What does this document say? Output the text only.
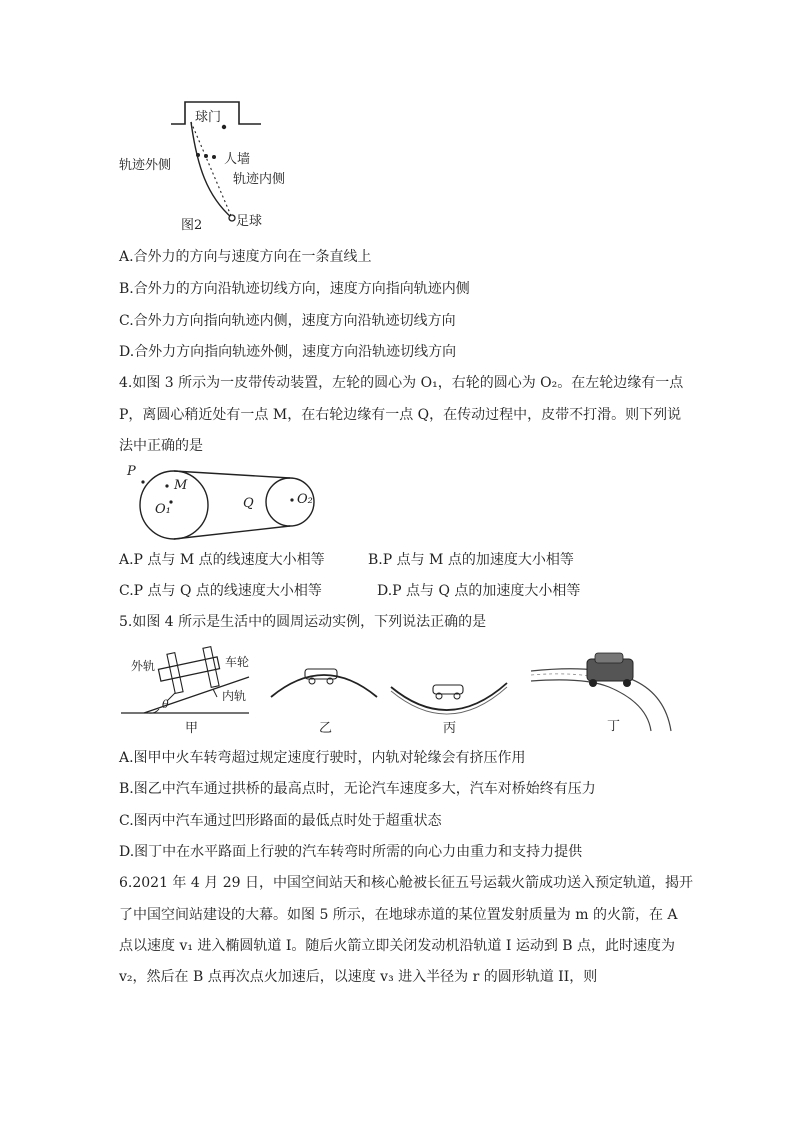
球门
轨迹外侧	人墙
轨迹内侧
足球
图2
A.合外力的方向与速度方向在一条直线上
B.合外力的方向沿轨迹切线方向，速度方向指向轨迹内侧
C.合外力方向指向轨迹内侧，速度方向沿轨迹切线方向
D.合外力方向指向轨迹外侧，速度方向沿轨迹切线方向
4.如图 3 所示为一皮带传动装置，左轮的圆心为 O₁，右轮的圆心为 O₂。在左轮边缘有一点
P，离圆心稍近处有一点 M，在右轮边缘有一点 Q，在传动过程中，皮带不打滑。则下列说
法中正确的是
P
M
O₁	Q	O₂
A.P 点与 M 点的线速度大小相等	B.P 点与 M 点的加速度大小相等
C.P 点与 Q 点的线速度大小相等	D.P 点与 Q 点的加速度大小相等
5.如图 4 所示是生活中的圆周运动实例，下列说法正确的是
外轨	车轮
内轨
θ
甲	乙	丙	丁
A.图甲中火车转弯超过规定速度行驶时，内轨对轮缘会有挤压作用
B.图乙中汽车通过拱桥的最高点时，无论汽车速度多大，汽车对桥始终有压力
C.图丙中汽车通过凹形路面的最低点时处于超重状态
D.图丁中在水平路面上行驶的汽车转弯时所需的向心力由重力和支持力提供
6.2021 年 4 月 29 日，中国空间站天和核心舱被长征五号运载火箭成功送入预定轨道，揭开
了中国空间站建设的大幕。如图 5 所示，在地球赤道的某位置发射质量为 m 的火箭，在 A
点以速度 v₁ 进入椭圆轨道 I。随后火箭立即关闭发动机沿轨道 I 运动到 B 点，此时速度为
v₂，然后在 B 点再次点火加速后，以速度 v₃ 进入半径为 r 的圆形轨道 II，则
